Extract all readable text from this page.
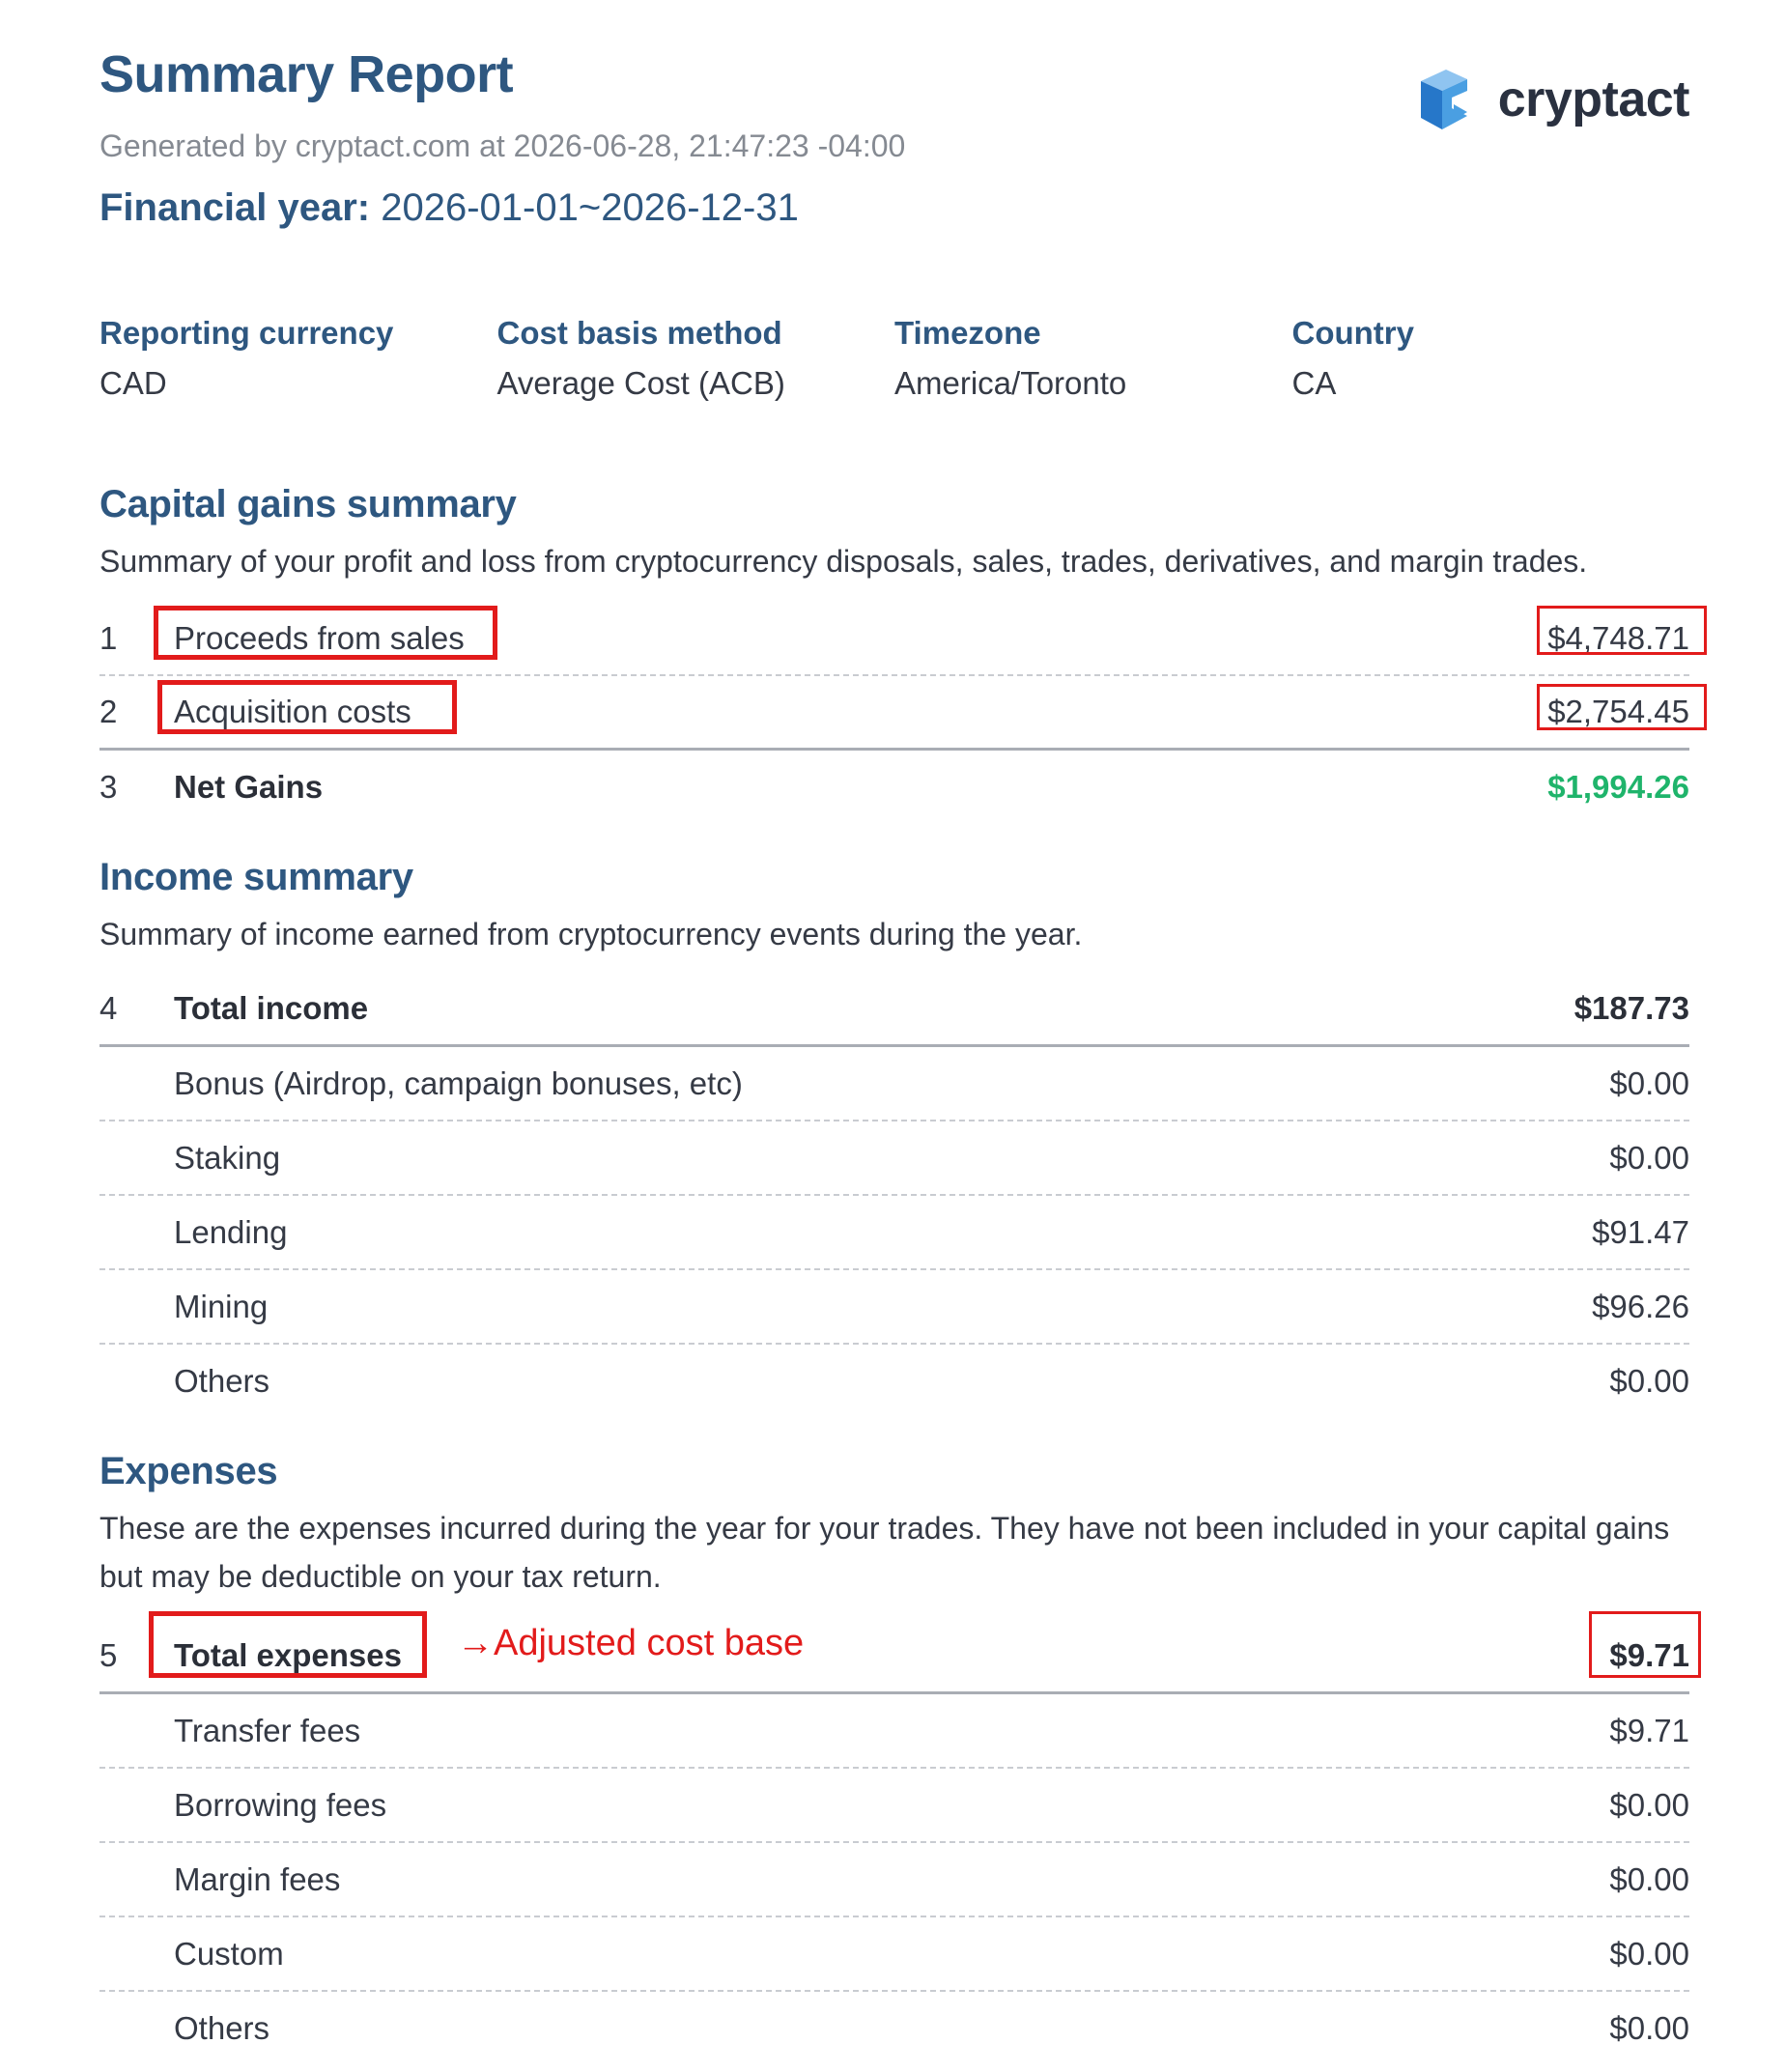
Summary Report
Generated by cryptact.com at 2026-06-28, 21:47:23 -04:00
Financial year: 2026-01-01~2026-12-31
cryptact
Reporting currency
CAD
Cost basis method
Average Cost (ACB)
Timezone
America/Toronto
Country
CA
Capital gains summary
Summary of your profit and loss from cryptocurrency disposals, sales, trades, derivatives, and margin trades.
1 Proceeds from sales	$4,748.71
2 Acquisition costs	$2,754.45
3 Net Gains	$1,994.26
Income summary
Summary of income earned from cryptocurrency events during the year.
4 Total income	$187.73
Bonus (Airdrop, campaign bonuses, etc)	$0.00
Staking	$0.00
Lending	$91.47
Mining	$96.26
Others	$0.00
Expenses
These are the expenses incurred during the year for your trades. They have not been included in your capital gains but may be deductible on your tax return.
5 Total expenses	$9.71
→Adjusted cost base
Transfer fees	$9.71
Borrowing fees	$0.00
Margin fees	$0.00
Custom	$0.00
Others	$0.00
